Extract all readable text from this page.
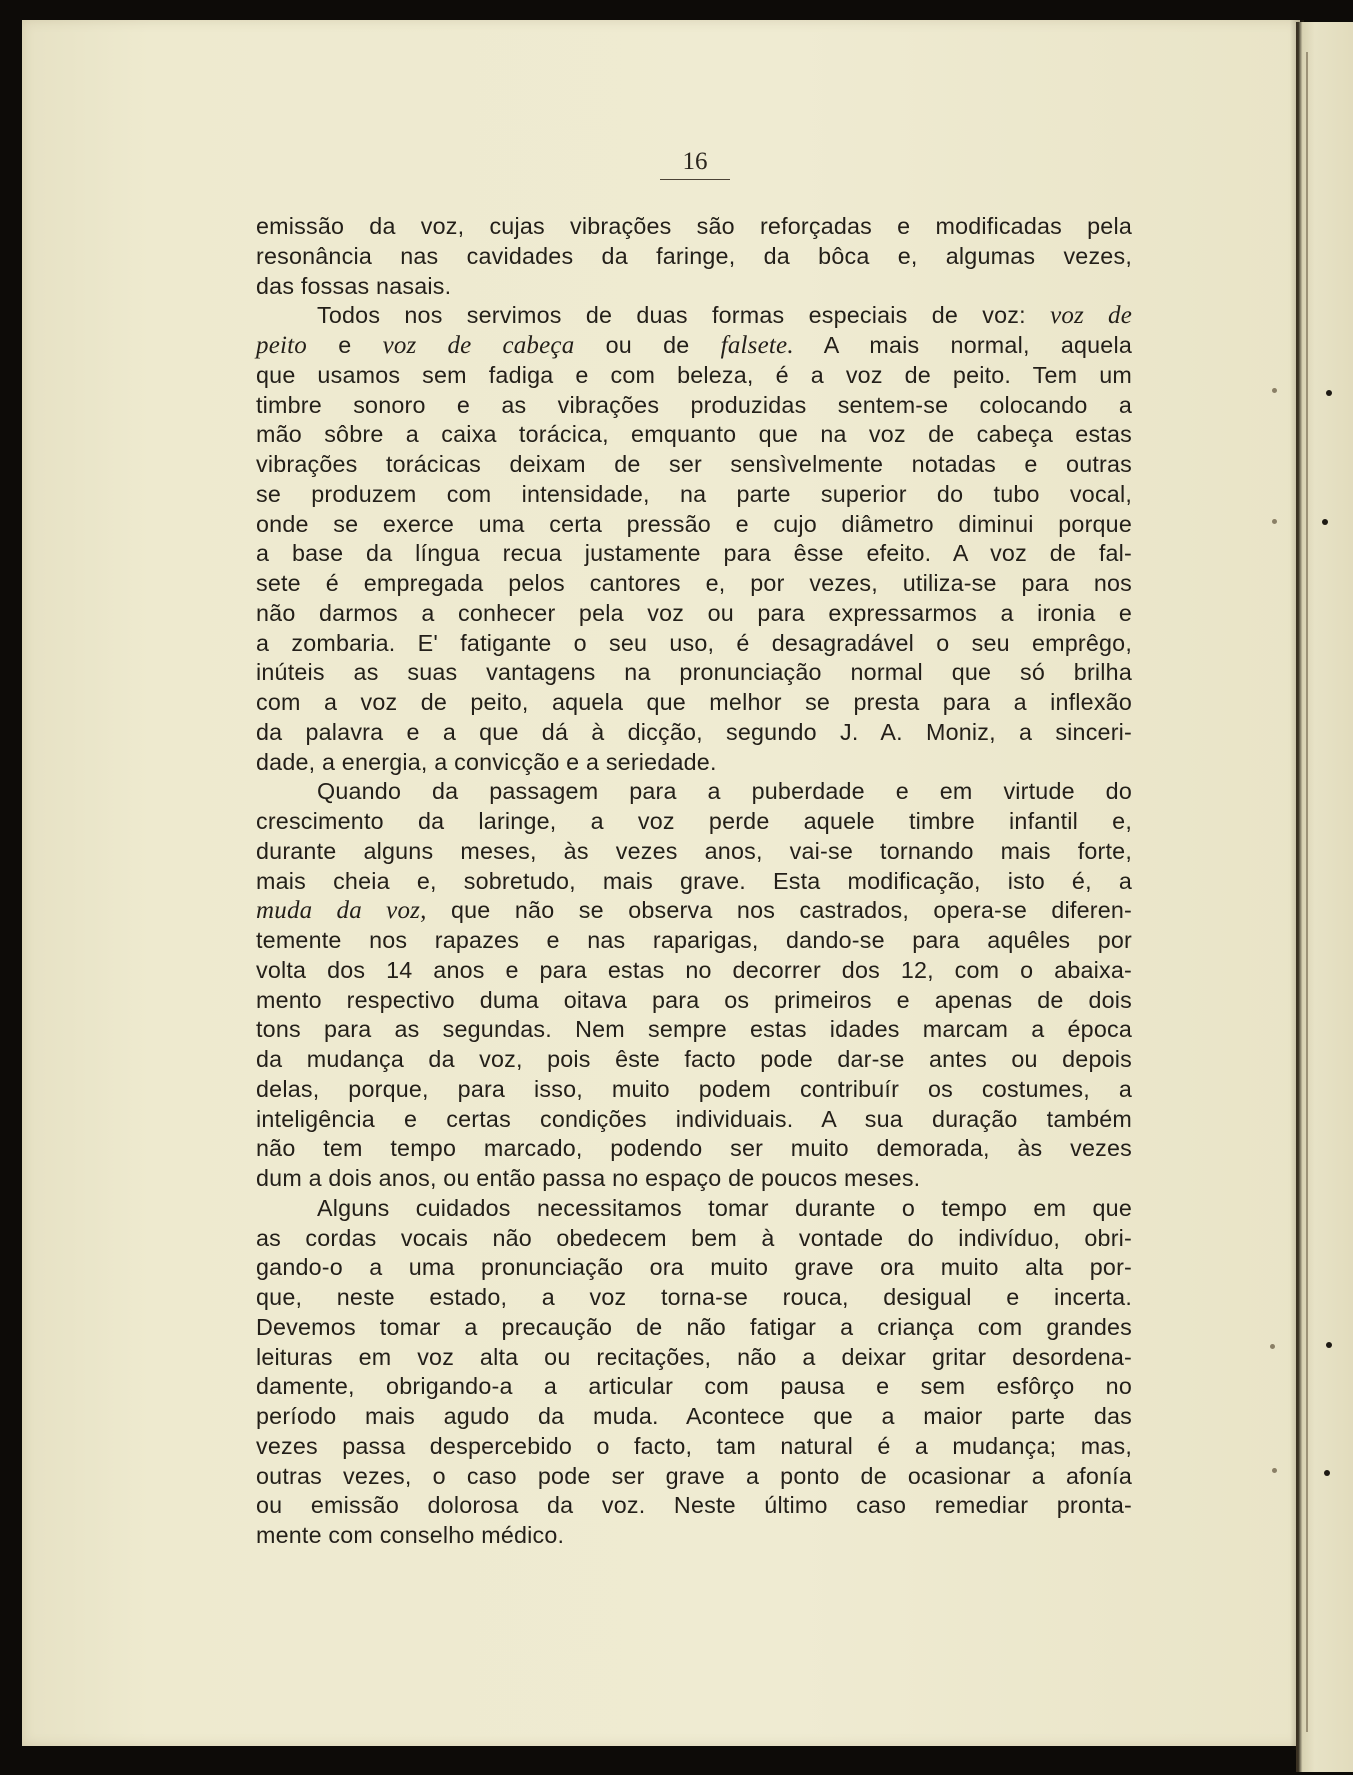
16
emissão da voz, cujas vibrações são reforçadas e modificadas pela
resonância nas cavidades da faringe, da bôca e, algumas vezes,
das fossas nasais.
Todos nos servimos de duas formas especiais de voz: voz de
peito e voz de cabeça ou de falsete. A mais normal, aquela
que usamos sem fadiga e com beleza, é a voz de peito. Tem um
timbre sonoro e as vibrações produzidas sentem-se colocando a
mão sôbre a caixa torácica, emquanto que na voz de cabeça estas
vibrações torácicas deixam de ser sensìvelmente notadas e outras
se produzem com intensidade, na parte superior do tubo vocal,
onde se exerce uma certa pressão e cujo diâmetro diminui porque
a base da língua recua justamente para êsse efeito. A voz de fal-
sete é empregada pelos cantores e, por vezes, utiliza-se para nos
não darmos a conhecer pela voz ou para expressarmos a ironia e
a zombaria. E' fatigante o seu uso, é desagradável o seu emprêgo,
inúteis as suas vantagens na pronunciação normal que só brilha
com a voz de peito, aquela que melhor se presta para a inflexão
da palavra e a que dá à dicção, segundo J. A. Moniz, a sinceri-
dade, a energia, a convicção e a seriedade.
Quando da passagem para a puberdade e em virtude do
crescimento da laringe, a voz perde aquele timbre infantil e,
durante alguns meses, às vezes anos, vai-se tornando mais forte,
mais cheia e, sobretudo, mais grave. Esta modificação, isto é, a
muda da voz, que não se observa nos castrados, opera-se diferen-
temente nos rapazes e nas raparigas, dando-se para aquêles por
volta dos 14 anos e para estas no decorrer dos 12, com o abaixa-
mento respectivo duma oitava para os primeiros e apenas de dois
tons para as segundas. Nem sempre estas idades marcam a época
da mudança da voz, pois êste facto pode dar-se antes ou depois
delas, porque, para isso, muito podem contribuír os costumes, a
inteligência e certas condições individuais. A sua duração também
não tem tempo marcado, podendo ser muito demorada, às vezes
dum a dois anos, ou então passa no espaço de poucos meses.
Alguns cuidados necessitamos tomar durante o tempo em que
as cordas vocais não obedecem bem à vontade do indivíduo, obri-
gando-o a uma pronunciação ora muito grave ora muito alta por-
que, neste estado, a voz torna-se rouca, desigual e incerta.
Devemos tomar a precaução de não fatigar a criança com grandes
leituras em voz alta ou recitações, não a deixar gritar desordena-
damente, obrigando-a a articular com pausa e sem esfôrço no
período mais agudo da muda. Acontece que a maior parte das
vezes passa despercebido o facto, tam natural é a mudança; mas,
outras vezes, o caso pode ser grave a ponto de ocasionar a afonía
ou emissão dolorosa da voz. Neste último caso remediar pronta-
mente com conselho médico.
